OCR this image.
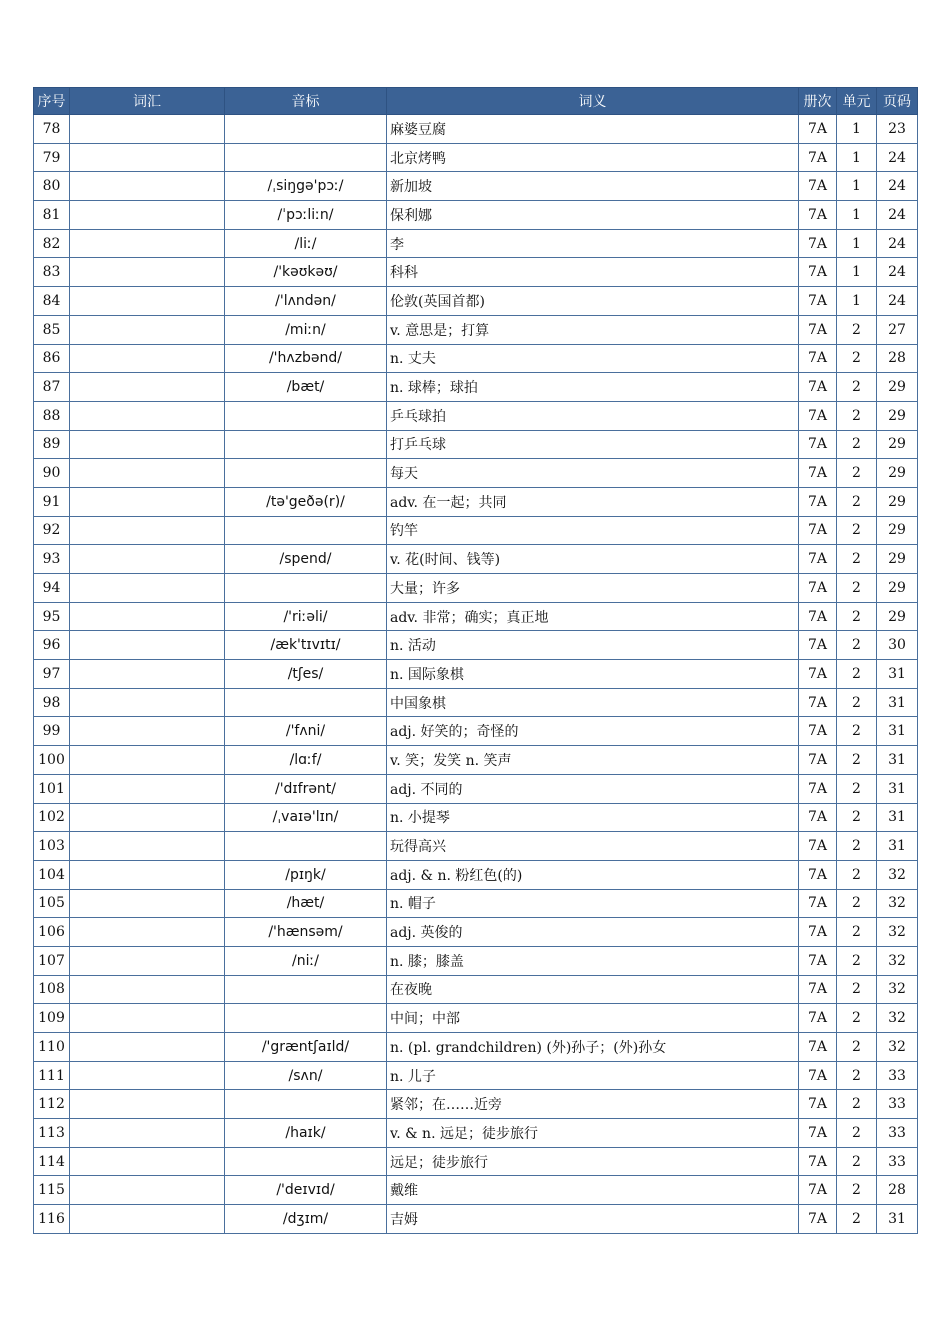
序号	词汇	音标	词义	册次	单元	页码
78			麻婆豆腐	7A	1	23
79			北京烤鸭	7A	1	24
80		/ˌsiŋgə'pɔː/	新加坡	7A	1	24
81		/ˈpɔːliːn/	保利娜	7A	1	24
82		/liː/	李	7A	1	24
83		/'kəʊkəʊ/	科科	7A	1	24
84		/'lʌndən/	伦敦(英国首都)	7A	1	24
85		/miːn/	v. 意思是；打算	7A	2	27
86		/'hʌzbənd/	n. 丈夫	7A	2	28
87		/bæt/	n. 球棒；球拍	7A	2	29
88			乒乓球拍	7A	2	29
89			打乒乓球	7A	2	29
90			每天	7A	2	29
91		/tə'geðə(r)/	adv. 在一起；共同	7A	2	29
92			钓竿	7A	2	29
93		/spend/	v. 花(时间、钱等)	7A	2	29
94			大量；许多	7A	2	29
95		/'riːəli/	adv. 非常；确实；真正地	7A	2	29
96		/æk'tɪvɪtɪ/	n. 活动	7A	2	30
97		/tʃes/	n. 国际象棋	7A	2	31
98			中国象棋	7A	2	31
99		/'fʌni/	adj. 好笑的；奇怪的	7A	2	31
100		/lɑːf/	v. 笑；发笑 n. 笑声	7A	2	31
101		/'dɪfrənt/	adj. 不同的	7A	2	31
102		/ˌvaɪə'lɪn/	n. 小提琴	7A	2	31
103			玩得高兴	7A	2	31
104		/pɪŋk/	adj. & n. 粉红色(的)	7A	2	32
105		/hæt/	n. 帽子	7A	2	32
106		/'hænsəm/	adj. 英俊的	7A	2	32
107		/niː/	n. 膝；膝盖	7A	2	32
108			在夜晚	7A	2	32
109			中间；中部	7A	2	32
110		/'græntʃaɪld/	n. (pl. grandchildren) (外)孙子；(外)孙女	7A	2	32
111		/sʌn/	n. 儿子	7A	2	33
112			紧邻；在……近旁	7A	2	33
113		/haɪk/	v. & n. 远足；徒步旅行	7A	2	33
114			远足；徒步旅行	7A	2	33
115		/'deɪvɪd/	戴维	7A	2	28
116		/dʒɪm/	吉姆	7A	2	31
